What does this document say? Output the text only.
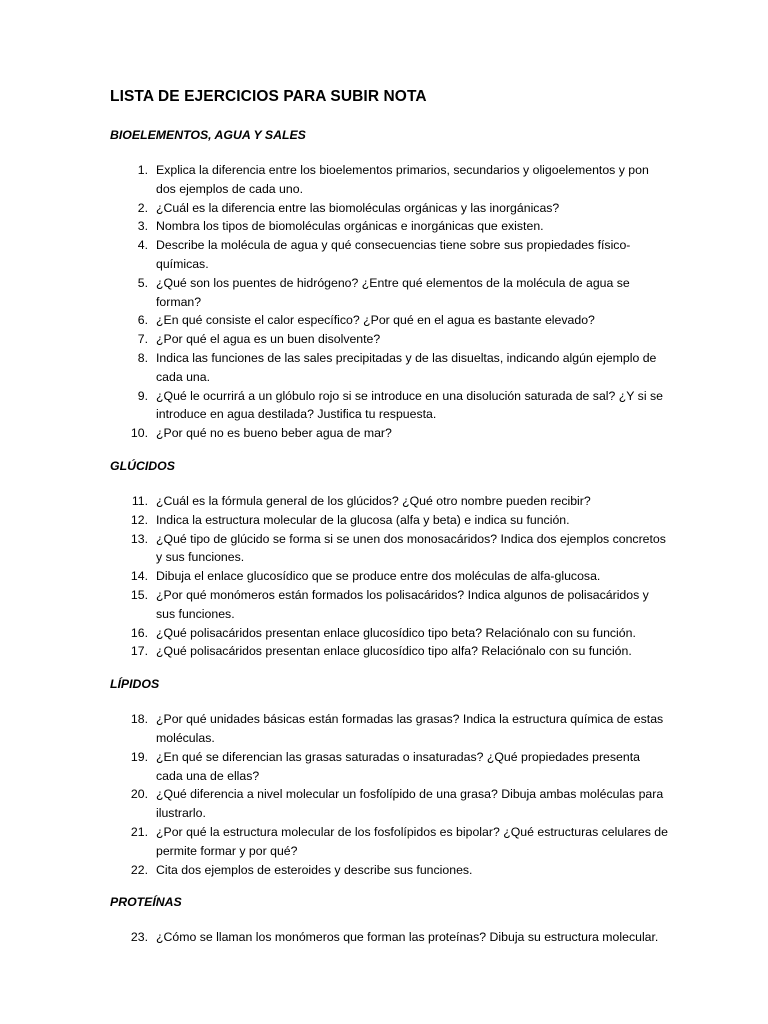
LISTA DE EJERCICIOS PARA SUBIR NOTA
BIOELEMENTOS, AGUA Y SALES
1. Explica la diferencia entre los bioelementos primarios, secundarios y oligoelementos y pon dos ejemplos de cada uno.
2. ¿Cuál es la diferencia entre las biomoléculas orgánicas y las inorgánicas?
3. Nombra los tipos de biomoléculas orgánicas e inorgánicas que existen.
4. Describe la molécula de agua y qué consecuencias tiene sobre sus propiedades físico-químicas.
5. ¿Qué son los puentes de hidrógeno? ¿Entre qué elementos de la molécula de agua se forman?
6. ¿En qué consiste el calor específico? ¿Por qué en el agua es bastante elevado?
7. ¿Por qué el agua es un buen disolvente?
8. Indica las funciones de las sales precipitadas y de las disueltas, indicando algún ejemplo de cada una.
9. ¿Qué le ocurrirá a un glóbulo rojo si se introduce en una disolución saturada de sal? ¿Y si se introduce en agua destilada? Justifica tu respuesta.
10. ¿Por qué no es bueno beber agua de mar?
GLÚCIDOS
11. ¿Cuál es la fórmula general de los glúcidos? ¿Qué otro nombre pueden recibir?
12. Indica la estructura molecular de la glucosa (alfa y beta) e indica su función.
13. ¿Qué tipo de glúcido se forma si se unen dos monosacáridos? Indica dos ejemplos concretos y sus funciones.
14. Dibuja el enlace glucosídico que se produce entre dos moléculas de alfa-glucosa.
15. ¿Por qué monómeros están formados los polisacáridos? Indica algunos de polisacáridos y sus funciones.
16. ¿Qué polisacáridos presentan enlace glucosídico tipo beta? Relaciónalo con su función.
17. ¿Qué polisacáridos presentan enlace glucosídico tipo alfa? Relaciónalo con su función.
LÍPIDOS
18. ¿Por qué unidades básicas están formadas las grasas? Indica la estructura química de estas moléculas.
19. ¿En qué se diferencian las grasas saturadas o insaturadas? ¿Qué propiedades presenta cada una de ellas?
20. ¿Qué diferencia a nivel molecular un fosfolípido de una grasa? Dibuja ambas moléculas para ilustrarlo.
21. ¿Por qué la estructura molecular de los fosfolípidos es bipolar? ¿Qué estructuras celulares de permite formar y por qué?
22. Cita dos ejemplos de esteroides y describe sus funciones.
PROTEÍNAS
23. ¿Cómo se llaman los monómeros que forman las proteínas? Dibuja su estructura molecular.
